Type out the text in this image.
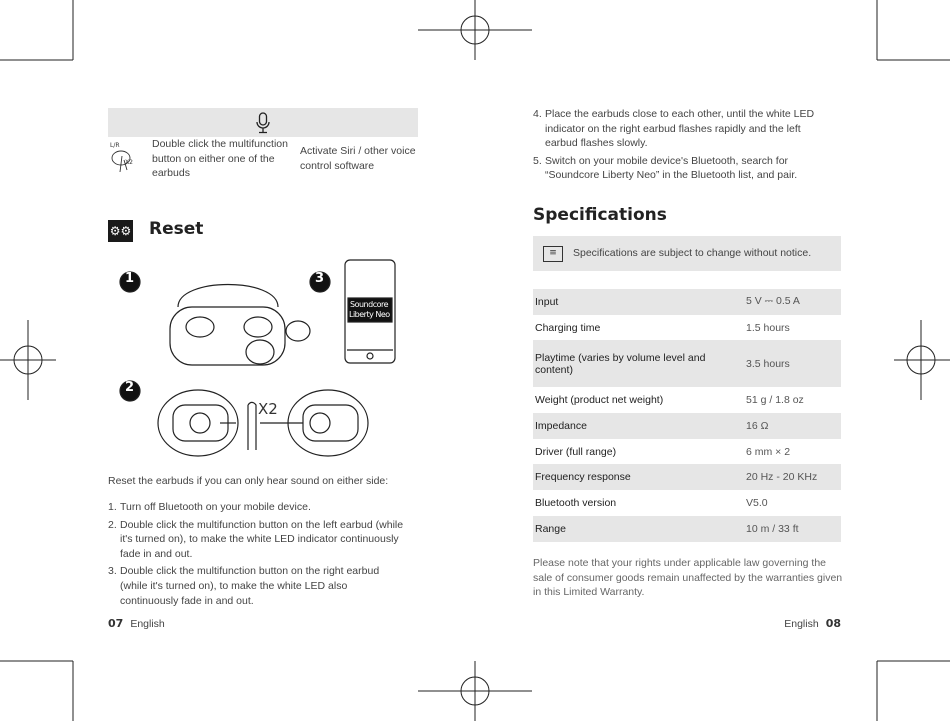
L/R
X2
Double click the multifunction button on either one of the earbuds
Activate Siri / other voice control software
⚙⚙ Reset
1	3
2
Soundcore
Liberty Neo
X2
Reset the earbuds if you can only hear sound on either side:
1. Turn off Bluetooth on your mobile device.
2. Double click the multifunction button on the left earbud (while it's turned on), to make the white LED indicator continuously fade in and out.
3. Double click the multifunction button on the right earbud (while it's turned on), to make the white LED also continuously fade in and out.
07 English
4. Place the earbuds close to each other, until the white LED indicator on the right earbud flashes rapidly and the left earbud flashes slowly.
5. Switch on your mobile device's Bluetooth, search for “Soundcore Liberty Neo” in the Bluetooth list, and pair.
Specifications
≡	Specifications are subject to change without notice.
Input	5 V ⎓ 0.5 A
Charging time	1.5 hours
Playtime (varies by volume level and content)	3.5 hours
Weight (product net weight)	51 g / 1.8 oz
Impedance	16 Ω
Driver (full range)	6 mm × 2
Frequency response	20 Hz - 20 KHz
Bluetooth version	V5.0
Range	10 m / 33 ft
Please note that your rights under applicable law governing the sale of consumer goods remain unaffected by the warranties given in this Limited Warranty.
English 08
